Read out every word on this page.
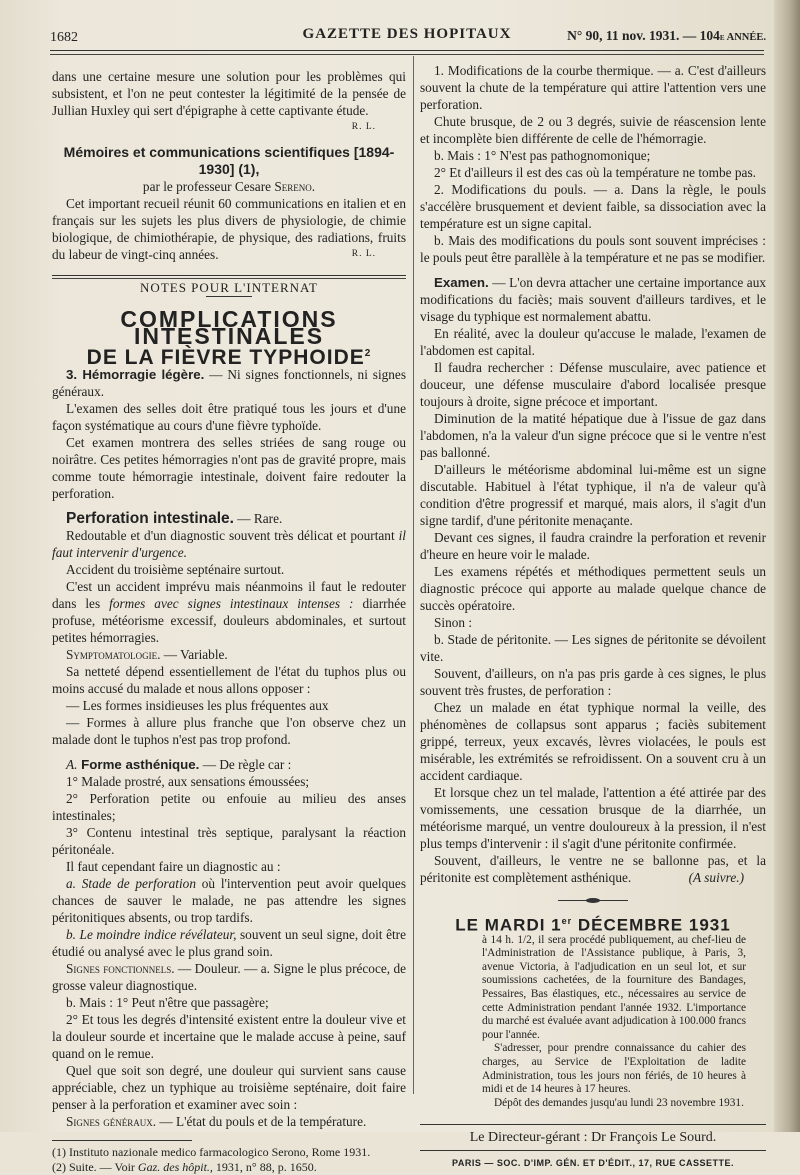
1682	GAZETTE DES HOPITAUX	N° 90, 11 nov. 1931. — 104e ANNÉE.

dans une certaine mesure une solution pour les problèmes qui subsistent, et l'on ne peut contester la légitimité de la pensée de Jullian Huxley qui sert d'épigraphe à cette captivante étude.
R. L.

Mémoires et communications scientifiques [1894-1930] (1),

par le professeur Cesare Sereno.

Cet important recueil réunit 60 communications en italien et en français sur les sujets les plus divers de physiologie, de chimie biologique, de chimiothérapie, de physique, des radiations, fruits du labeur de vingt-cinq années.	R. L.

NOTES POUR L'INTERNAT

COMPLICATIONS INTESTINALES

DE LA FIÈVRE TYPHOIDE$^2$

3. Hémorragie légère. — Ni signes fonctionnels, ni signes généraux.

L'examen des selles doit être pratiqué tous les jours et d'une façon systématique au cours d'une fièvre typhoïde.

Cet examen montrera des selles striées de sang rouge ou noirâtre. Ces petites hémorragies n'ont pas de gravité propre, mais comme toute hémorragie intestinale, doivent faire redouter la perforation.

Perforation intestinale. — Rare.

Redoutable et d'un diagnostic souvent très délicat et pourtant il faut intervenir d'urgence.

Accident du troisième septénaire surtout.

C'est un accident imprévu mais néanmoins il faut le redouter dans les formes avec signes intestinaux intenses : diarrhée profuse, météorisme excessif, douleurs abdominales, et surtout petites hémorragies.

Symptomatologie. — Variable.

Sa netteté dépend essentiellement de l'état du tuphos plus ou moins accusé du malade et nous allons opposer :

— Les formes insidieuses les plus fréquentes aux

— Formes à allure plus franche que l'on observe chez un malade dont le tuphos n'est pas trop profond.

A. Forme asthénique. — De règle car :

1° Malade prostré, aux sensations émoussées;

2° Perforation petite ou enfouie au milieu des anses intestinales;

3° Contenu intestinal très septique, paralysant la réaction péritonéale.

Il faut cependant faire un diagnostic au :

a. Stade de perforation où l'intervention peut avoir quelques chances de sauver le malade, ne pas attendre les signes péritonitiques absents, ou trop tardifs.

b. Le moindre indice révélateur, souvent un seul signe, doit être étudié ou analysé avec le plus grand soin.

Signes fonctionnels. — Douleur. — a. Signe le plus précoce, de grosse valeur diagnostique.

b. Mais : 1° Peut n'être que passagère;

2° Et tous les degrés d'intensité existent entre la douleur vive et la douleur sourde et incertaine que le malade accuse à peine, sauf quand on le remue.

Quel que soit son degré, une douleur qui survient sans cause appréciable, chez un typhique au troisième septénaire, doit faire penser à la perforation et examiner avec soin :

Signes généraux. — L'état du pouls et de la température.

(1) Instituto nazionale medico farmacologico Serono, Rome 1931.

(2) Suite. — Voir Gaz. des hôpit., 1931, n° 88, p. 1650.

1. Modifications de la courbe thermique. — a. C'est d'ailleurs souvent la chute de la température qui attire l'attention vers une perforation.

Chute brusque, de 2 ou 3 degrés, suivie de réascension lente et incomplète bien différente de celle de l'hémorragie.

b. Mais : 1° N'est pas pathognomonique;

2° Et d'ailleurs il est des cas où la température ne tombe pas.

2. Modifications du pouls. — a. Dans la règle, le pouls s'accélère brusquement et devient faible, sa dissociation avec la température est un signe capital.

b. Mais des modifications du pouls sont souvent imprécises : le pouls peut être parallèle à la température et ne pas se modifier.

Examen. — L'on devra attacher une certaine importance aux modifications du faciès; mais souvent d'ailleurs tardives, et le visage du typhique est normalement abattu.

En réalité, avec la douleur qu'accuse le malade, l'examen de l'abdomen est capital.

Il faudra rechercher : Défense musculaire, avec patience et douceur, une défense musculaire d'abord localisée presque toujours à droite, signe précoce et important.

Diminution de la matité hépatique due à l'issue de gaz dans l'abdomen, n'a la valeur d'un signe précoce que si le ventre n'est pas ballonné.

D'ailleurs le météorisme abdominal lui-même est un signe discutable. Habituel à l'état typhique, il n'a de valeur qu'à condition d'être progressif et marqué, mais alors, il s'agit d'un signe tardif, d'une péritonite menaçante.

Devant ces signes, il faudra craindre la perforation et revenir d'heure en heure voir le malade.

Les examens répétés et méthodiques permettent seuls un diagnostic précoce qui apporte au malade quelque chance de succès opératoire.

Sinon :

b. Stade de péritonite. — Les signes de péritonite se dévoilent vite.

Souvent, d'ailleurs, on n'a pas pris garde à ces signes, le plus souvent très frustes, de perforation :

Chez un malade en état typhique normal la veille, des phénomènes de collapsus sont apparus ; faciès subitement grippé, terreux, yeux excavés, lèvres violacées, le pouls est misérable, les extrémités se refroidissent. On a souvent cru à un accident cardiaque.

Et lorsque chez un tel malade, l'attention a été attirée par des vomissements, une cessation brusque de la diarrhée, un météorisme marqué, un ventre douloureux à la pression, il n'est plus temps d'intervenir : il s'agit d'une péritonite confirmée.

Souvent, d'ailleurs, le ventre ne se ballonne pas, et la péritonite est complètement asthénique.	(A suivre.)

LE MARDI 1er DÉCEMBRE 1931

à 14 h. 1/2, il sera procédé publiquement, au chef-lieu de l'Administration de l'Assistance publique, à Paris, 3, avenue Victoria, à l'adjudication en un seul lot, et sur soumissions cachetées, de la fourniture des Bandages, Pessaires, Bas élastiques, etc., nécessaires au service de cette Administration pendant l'année 1932. L'importance du marché est évaluée avant adjudication à 100.000 francs pour l'année.

S'adresser, pour prendre connaissance du cahier des charges, au Service de l'Exploitation de ladite Administration, tous les jours non fériés, de 10 heures à midi et de 14 heures à 17 heures.

Dépôt des demandes jusqu'au lundi 23 novembre 1931.

Le Directeur-gérant : Dr François Le Sourd.
PARIS — SOC. D'IMP. GÉN. ET D'ÉDIT., 17, RUE CASSETTE.
